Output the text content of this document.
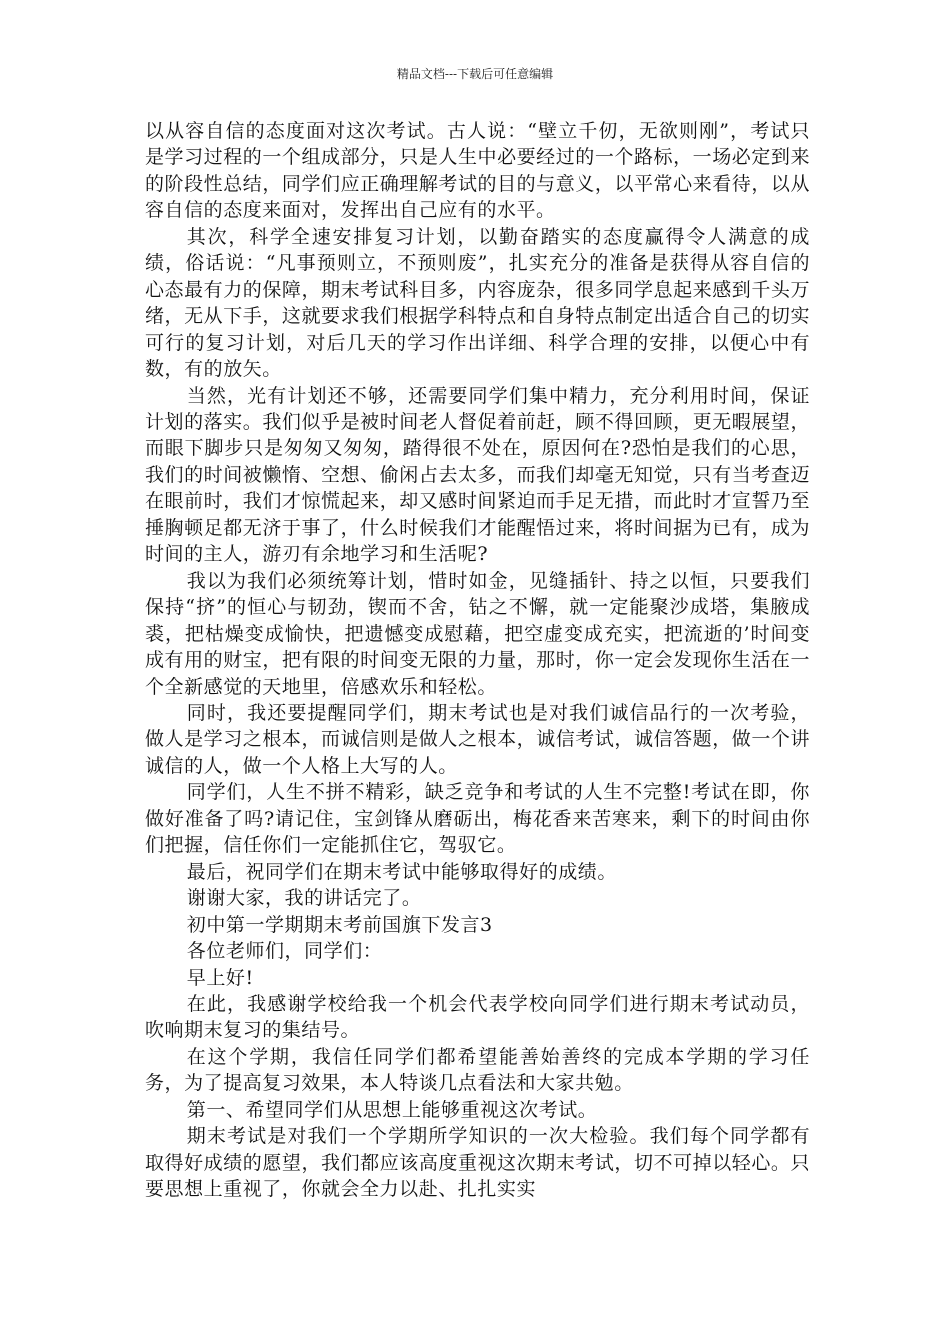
精品文档---下载后可任意编辑

以从容自信的态度面对这次考试。古人说：“壁立千仞，无欲则刚”，考试只是学习过程的一个组成部分，只是人生中必要经过的一个路标，一场必定到来的阶段性总结，同学们应正确理解考试的目的与意义，以平常心来看待，以从容自信的态度来面对，发挥出自己应有的水平。

其次，科学全速安排复习计划，以勤奋踏实的态度赢得令人满意的成绩，俗话说：“凡事预则立，不预则废”，扎实充分的准备是获得从容自信的心态最有力的保障，期末考试科目多，内容庞杂，很多同学息起来感到千头万绪，无从下手，这就要求我们根据学科特点和自身特点制定出适合自己的切实可行的复习计划，对后几天的学习作出详细、科学合理的安排，以便心中有数，有的放矢。

当然，光有计划还不够，还需要同学们集中精力，充分利用时间，保证计划的落实。我们似乎是被时间老人督促着前赶，顾不得回顾，更无暇展望，而眼下脚步只是匆匆又匆匆，踏得很不处在，原因何在?恐怕是我们的心思，我们的时间被懒惰、空想、偷闲占去太多，而我们却毫无知觉，只有当考查迈在眼前时，我们才惊慌起来，却又感时间紧迫而手足无措，而此时才宣誓乃至捶胸顿足都无济于事了，什么时候我们才能醒悟过来，将时间据为已有，成为时间的主人，游刃有余地学习和生活呢?

我以为我们必须统筹计划，惜时如金，见缝插针、持之以恒，只要我们保持“挤”的恒心与韧劲，锲而不舍，钻之不懈，就一定能聚沙成塔，集腋成裘，把枯燥变成愉快，把遗憾变成慰藉，把空虚变成充实，把流逝的’时间变成有用的财宝，把有限的时间变无限的力量，那时，你一定会发现你生活在一个全新感觉的天地里，倍感欢乐和轻松。

同时，我还要提醒同学们，期末考试也是对我们诚信品行的一次考验，做人是学习之根本，而诚信则是做人之根本，诚信考试，诚信答题，做一个讲诚信的人，做一个人格上大写的人。

同学们，人生不拼不精彩，缺乏竞争和考试的人生不完整!考试在即，你做好准备了吗?请记住，宝剑锋从磨砺出，梅花香来苦寒来，剩下的时间由你们把握，信任你们一定能抓住它，驾驭它。

最后，祝同学们在期末考试中能够取得好的成绩。

谢谢大家，我的讲话完了。

初中第一学期期末考前国旗下发言3

各位老师们，同学们：

早上好!

在此，我感谢学校给我一个机会代表学校向同学们进行期末考试动员，吹响期末复习的集结号。

在这个学期，我信任同学们都希望能善始善终的完成本学期的学习任务，为了提高复习效果，本人特谈几点看法和大家共勉。

第一、希望同学们从思想上能够重视这次考试。

期末考试是对我们一个学期所学知识的一次大检验。我们每个同学都有取得好成绩的愿望，我们都应该高度重视这次期末考试，切不可掉以轻心。只要思想上重视了，你就会全力以赴、扎扎实实
